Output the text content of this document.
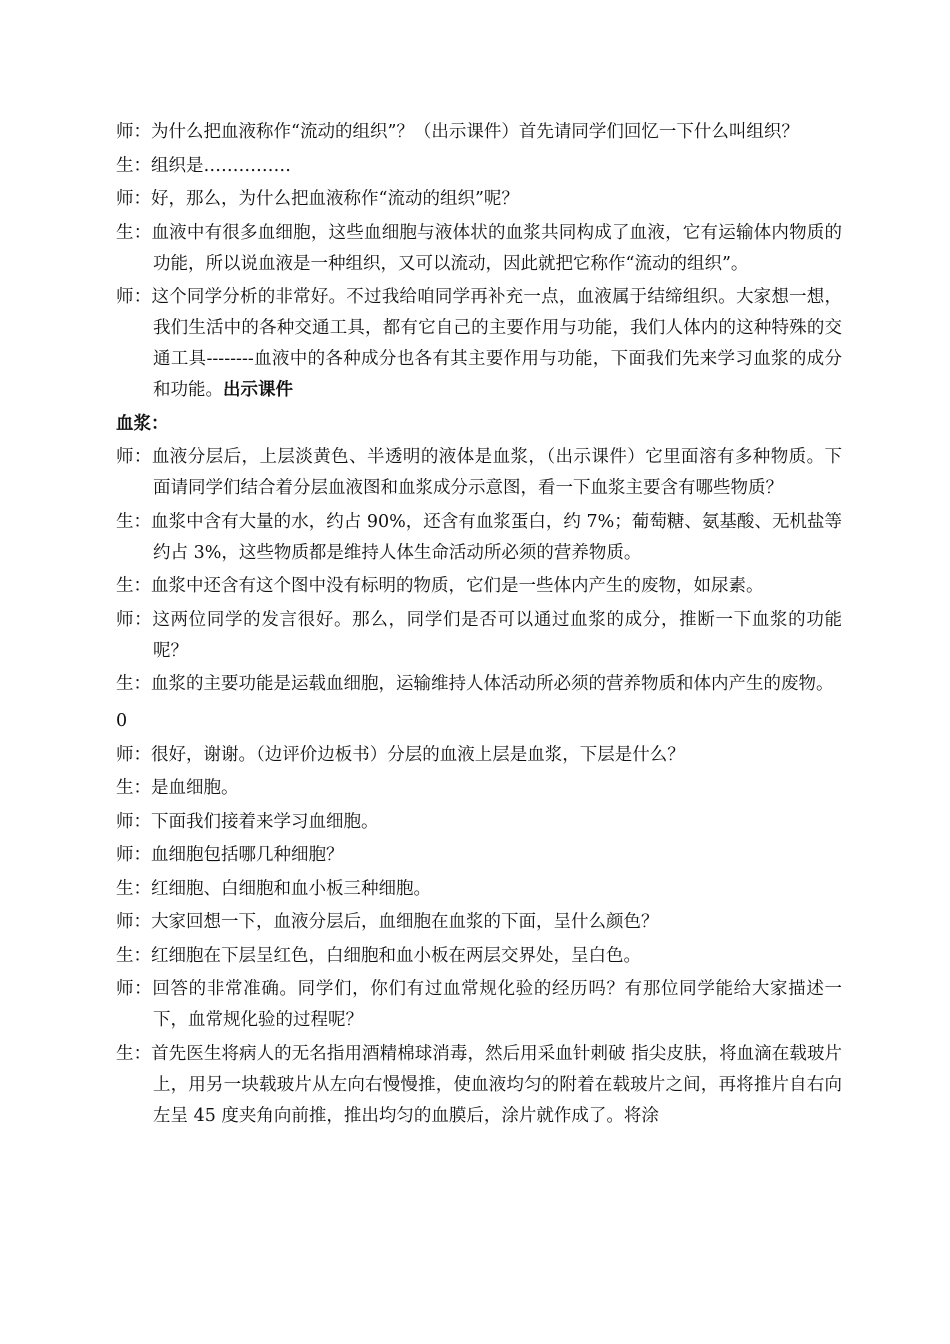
师：为什么把血液称作“流动的组织”？（出示课件）首先请同学们回忆一下什么叫组织？

生：组织是……………

师：好，那么，为什么把血液称作“流动的组织”呢？

生：血液中有很多血细胞，这些血细胞与液体状的血浆共同构成了血液，它有运输体内物质的功能，所以说血液是一种组织，又可以流动，因此就把它称作“流动的组织”。

师：这个同学分析的非常好。不过我给咱同学再补充一点，血液属于结缔组织。大家想一想，我们生活中的各种交通工具，都有它自己的主要作用与功能，我们人体内的这种特殊的交通工具--------血液中的各种成分也各有其主要作用与功能，下面我们先来学习血浆的成分和功能。出示课件

血浆：

师：血液分层后，上层淡黄色、半透明的液体是血浆，（出示课件）它里面溶有多种物质。下面请同学们结合着分层血液图和血浆成分示意图，看一下血浆主要含有哪些物质？

生：血浆中含有大量的水，约占 90%，还含有血浆蛋白，约 7%；葡萄糖、氨基酸、无机盐等约占 3%，这些物质都是维持人体生命活动所必须的营养物质。

生：血浆中还含有这个图中没有标明的物质，它们是一些体内产生的废物，如尿素。

师：这两位同学的发言很好。那么，同学们是否可以通过血浆的成分，推断一下血浆的功能呢？

生：血浆的主要功能是运载血细胞，运输维持人体活动所必须的营养物质和体内产生的废物。

0

师：很好，谢谢。（边评价边板书）分层的血液上层是血浆，下层是什么？

生：是血细胞。

师：下面我们接着来学习血细胞。

师：血细胞包括哪几种细胞？

生：红细胞、白细胞和血小板三种细胞。

师：大家回想一下，血液分层后，血细胞在血浆的下面，呈什么颜色？

生：红细胞在下层呈红色，白细胞和血小板在两层交界处，呈白色。

师：回答的非常准确。同学们，你们有过血常规化验的经历吗？有那位同学能给大家描述一下，血常规化验的过程呢？

生：首先医生将病人的无名指用酒精棉球消毒，然后用采血针刺破 指尖皮肤，将血滴在载玻片上，用另一块载玻片从左向右慢慢推，使血液均匀的附着在载玻片之间，再将推片自右向左呈 45 度夹角向前推，推出均匀的血膜后，涂片就作成了。将涂
